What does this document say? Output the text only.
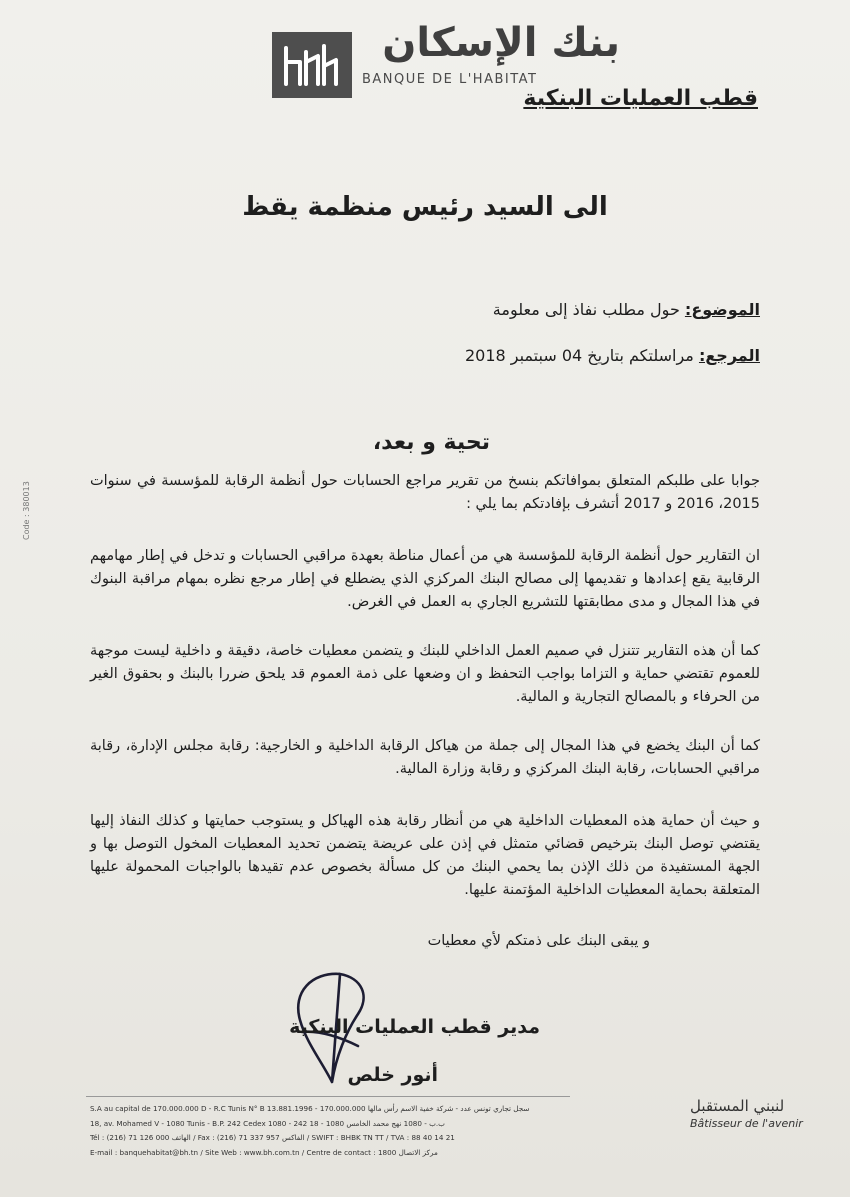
بنك الإسكان
BANQUE DE L'HABITAT
قطب العمليات البنكية
الى السيد رئيس منظمة يقظ
الموضوع: حول مطلب نفاذ إلى معلومة
المرجع: مراسلتكم بتاريخ 04 سبتمبر 2018
تحية و بعد،
جوابا على طلبكم المتعلق بموافاتكم بنسخ من تقرير مراجع الحسابات حول أنظمة الرقابة للمؤسسة في سنوات 2015، 2016 و 2017 أتشرف بإفادتكم بما يلي :
ان التقارير حول أنظمة الرقابة للمؤسسة هي من أعمال مناطة بعهدة مراقبي الحسابات و تدخل في إطار مهامهم الرقابية يقع إعدادها و تقديمها إلى مصالح البنك المركزي الذي يضطلع في إطار مرجع نظره بمهام مراقبة البنوك في هذا المجال و مدى مطابقتها للتشريع الجاري به العمل في الغرض.
كما أن هذه التقارير تتنزل في صميم العمل الداخلي للبنك و يتضمن معطيات خاصة، دقيقة و داخلية ليست موجهة للعموم تقتضي حماية و التزاما بواجب التحفظ و ان وضعها على ذمة العموم قد يلحق ضررا بالبنك و بحقوق الغير من الحرفاء و بالمصالح التجارية و المالية.
كما أن البنك يخضع في هذا المجال إلى جملة من هياكل الرقابة الداخلية و الخارجية: رقابة مجلس الإدارة، رقابة مراقبي الحسابات، رقابة البنك المركزي و رقابة وزارة المالية.
و حيث أن حماية هذه المعطيات الداخلية هي من أنظار رقابة هذه الهياكل و يستوجب حمايتها و كذلك النفاذ إليها يقتضي توصل البنك بترخيص قضائي متمثل في إذن على عريضة يتضمن تحديد المعطيات المخول التوصل بها و الجهة المستفيدة من ذلك الإذن بما يحمي البنك من كل مسألة بخصوص عدم تقيدها بالواجبات المحمولة عليها المتعلقة بحماية المعطيات الداخلية المؤتمنة عليها.
و يبقى البنك على ذمتكم لأي معطيات
Code : 380013
مدير قطب العمليات البنكية
أنور خلص
S.A au capital de 170.000.000 D - R.C Tunis N° B 13.881.1996 - سجل تجاري تونس عدد - شركة خفية الاسم رأس مالها 170.000.000
18, av. Mohamed V - 1080 Tunis - B.P. 242 Cedex 1080 - 242 ب.ب - 1080 نهج محمد الخامس 1080 - 18
Tél : (216) 71 126 000 الهاتف / Fax : (216) 71 337 957 الفاكس / SWIFT : BHBK TN TT / TVA : 88 40 14 21
E-mail : banquehabitat@bh.tn / Site Web : www.bh.com.tn / Centre de contact : 1800 مركز الاتصال
لنبني المستقبل
Bâtisseur de l'avenir
